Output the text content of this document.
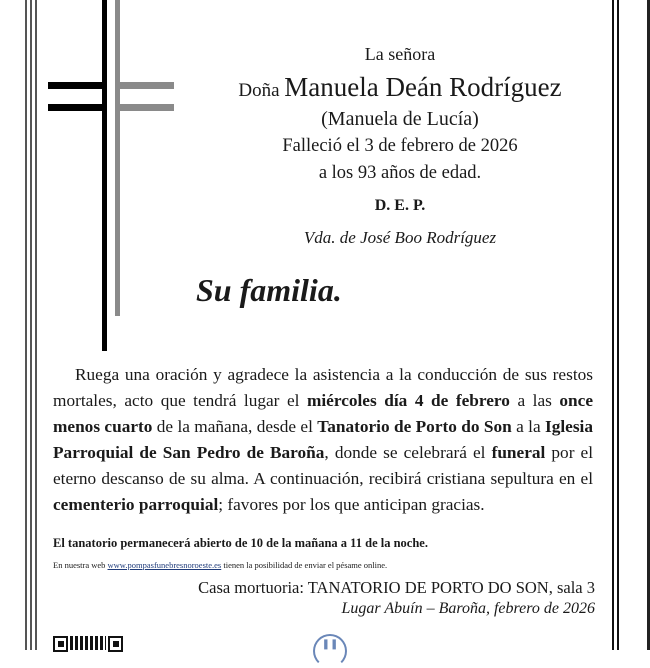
La señora
Doña Manuela Deán Rodríguez
(Manuela de Lucía)
Falleció el 3 de febrero de 2026
a los 93 años de edad.
D. E. P.
Vda. de José Boo Rodríguez
Su familia.
Ruega una oración y agradece la asistencia a la conducción de sus restos mortales, acto que tendrá lugar el miércoles día 4 de febrero a las once menos cuarto de la mañana, desde el Tanatorio de Porto do Son a la Iglesia Parroquial de San Pedro de Baroña, donde se celebrará el funeral por el eterno descanso de su alma. A continuación, recibirá cristiana sepultura en el cementerio parroquial; favores por los que anticipan gracias.
El tanatorio permanecerá abierto de 10 de la mañana a 11 de la noche.
En nuestra web www.pompasfunebresnoroeste.es tienen la posibilidad de enviar el pésame online.
Casa mortuoria: TANATORIO DE PORTO DO SON, sala 3
Lugar Abuín – Baroña, febrero de 2026
❚❚
